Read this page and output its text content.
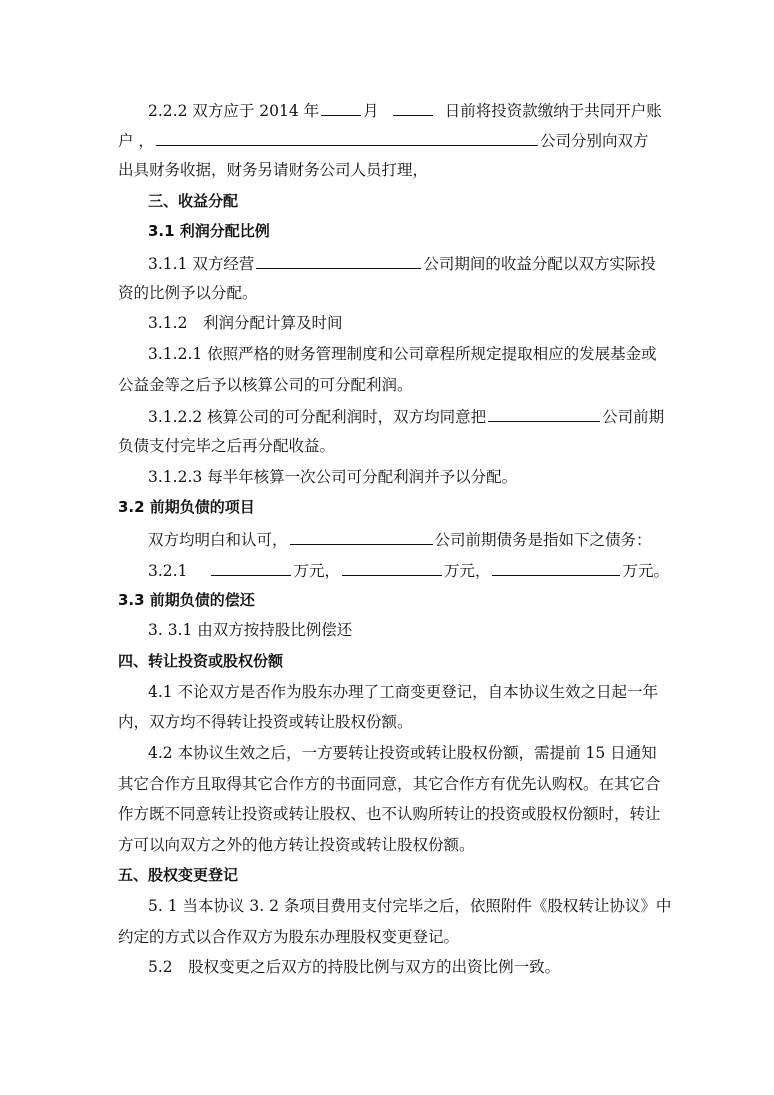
2.2.2 双方应于 2014 年	月	日前将投资款缴纳于共同开户账
户 ，	公司分别向双方
出具财务收据，财务另请财务公司人员打理，
三、收益分配
3.1 利润分配比例
3.1.1 双方经营	公司期间的收益分配以双方实际投
资的比例予以分配。
3.1.2　利润分配计算及时间
3.1.2.1 依照严格的财务管理制度和公司章程所规定提取相应的发展基金或
公益金等之后予以核算公司的可分配利润。
3.1.2.2 核算公司的可分配利润时，双方均同意把	公司前期
负债支付完毕之后再分配收益。
3.1.2.3 每半年核算一次公司可分配利润并予以分配。
3.2 前期负债的项目
双方均明白和认可，	公司前期债务是指如下之债务：
3.2.1	万元，	万元，	万元。
3.3 前期负债的偿还
3. 3.1 由双方按持股比例偿还
四、转让投资或股权份额
4.1 不论双方是否作为股东办理了工商变更登记，自本协议生效之日起一年
内，双方均不得转让投资或转让股权份额。
4.2 本协议生效之后，一方要转让投资或转让股权份额，需提前 15 日通知
其它合作方且取得其它合作方的书面同意，其它合作方有优先认购权。在其它合
作方既不同意转让投资或转让股权、也不认购所转让的投资或股权份额时，转让
方可以向双方之外的他方转让投资或转让股权份额。
五、股权变更登记
5. 1 当本协议 3. 2 条项目费用支付完毕之后，依照附件《股权转让协议》中
约定的方式以合作双方为股东办理股权变更登记。
5.2　股权变更之后双方的持股比例与双方的出资比例一致。
